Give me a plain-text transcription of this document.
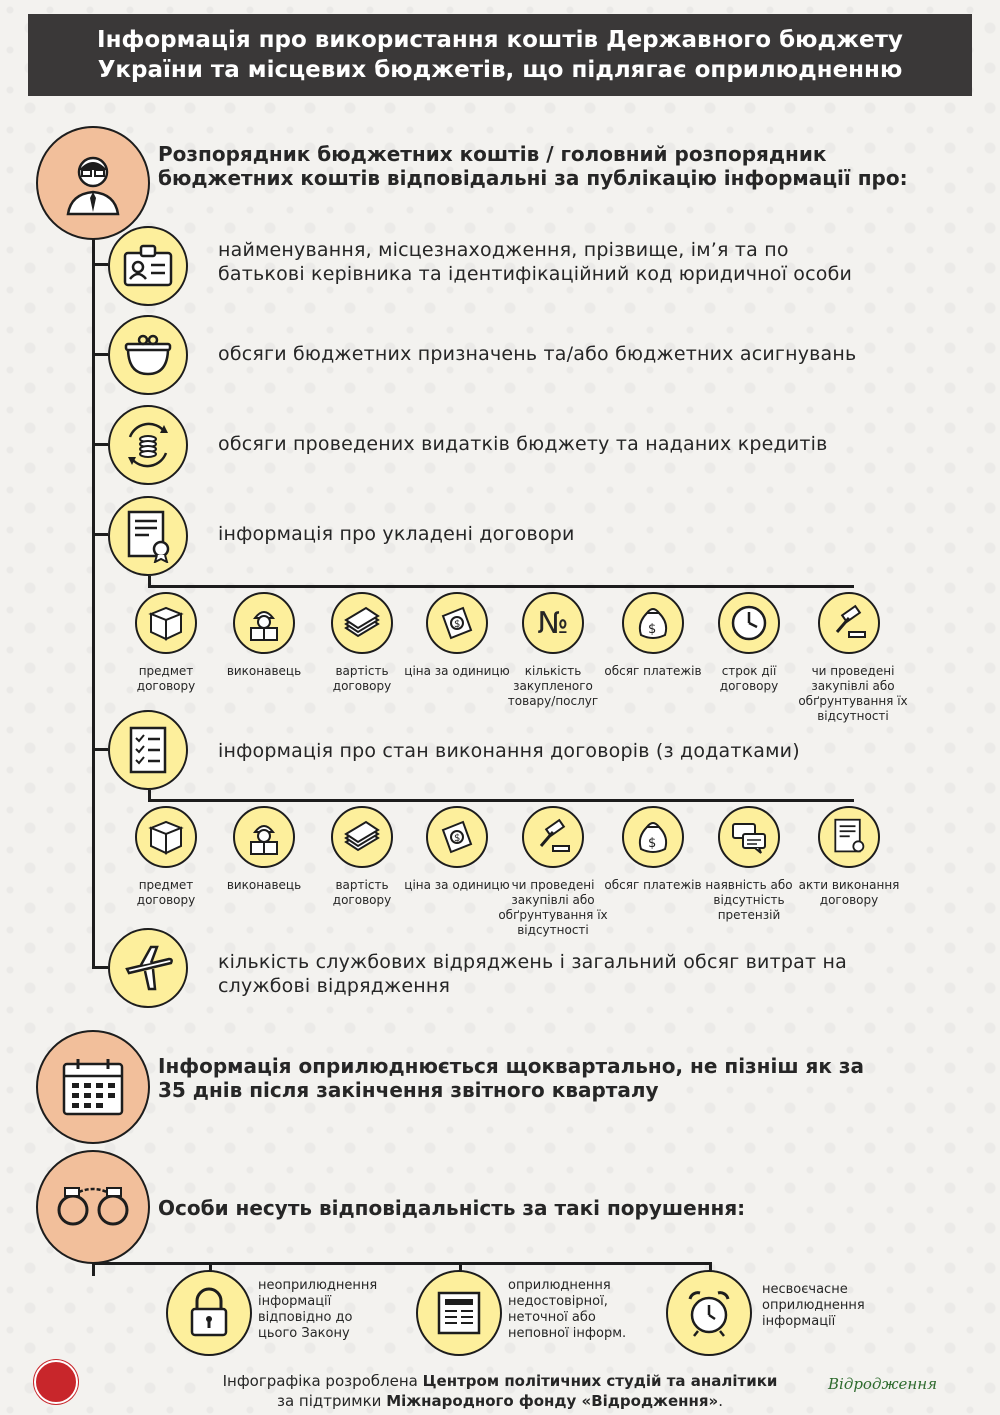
Інформація про використання коштів Державного бюджету
України та місцевих бюджетів, що підлягає оприлюдненню
Розпорядник бюджетних коштів / головний розпорядник
бюджетних коштів відповідальні за публікацію інформації про:
найменування, місцезнаходження, прізвище, ім’я та по
батькові керівника та ідентифікаційний код юридичної особи
обсяги бюджетних призначень та/або бюджетних асигнувань
обсяги проведених видатків бюджету та наданих кредитів
інформація про укладені договори
$	№	$
предмет договору
виконавець	вартість договору
ціна за одиницю	кількість закупленого товару/послуг
обсяг платежів	строк дії договору
чи проведені закупівлі або обґрунтування їх відсутності
інформація про стан виконання договорів (з додатками)
$	$
предмет договору
виконавець	вартість договору
ціна за одиницю чи проведені закупівлі або обґрунтування їх відсутності
обсяг платежів наявність або відсутність претензій
акти виконання договору
кількість службових відряджень і загальний обсяг витрат на
службові відрядження
Інформація оприлюднюється щоквартально, не пізніш як за
35 днів після закінчення звітного кварталу
Особи несуть відповідальність за такі порушення:
неоприлюднення інформації відповідно до цього Закону
оприлюднення недостовірної, неточної або неповної інформ.
несвоєчасне оприлюднення інформації
Інфографіка розроблена Центром політичних студій та аналітики
за підтримки Міжнародного фонду «Відродження».
Відродження
